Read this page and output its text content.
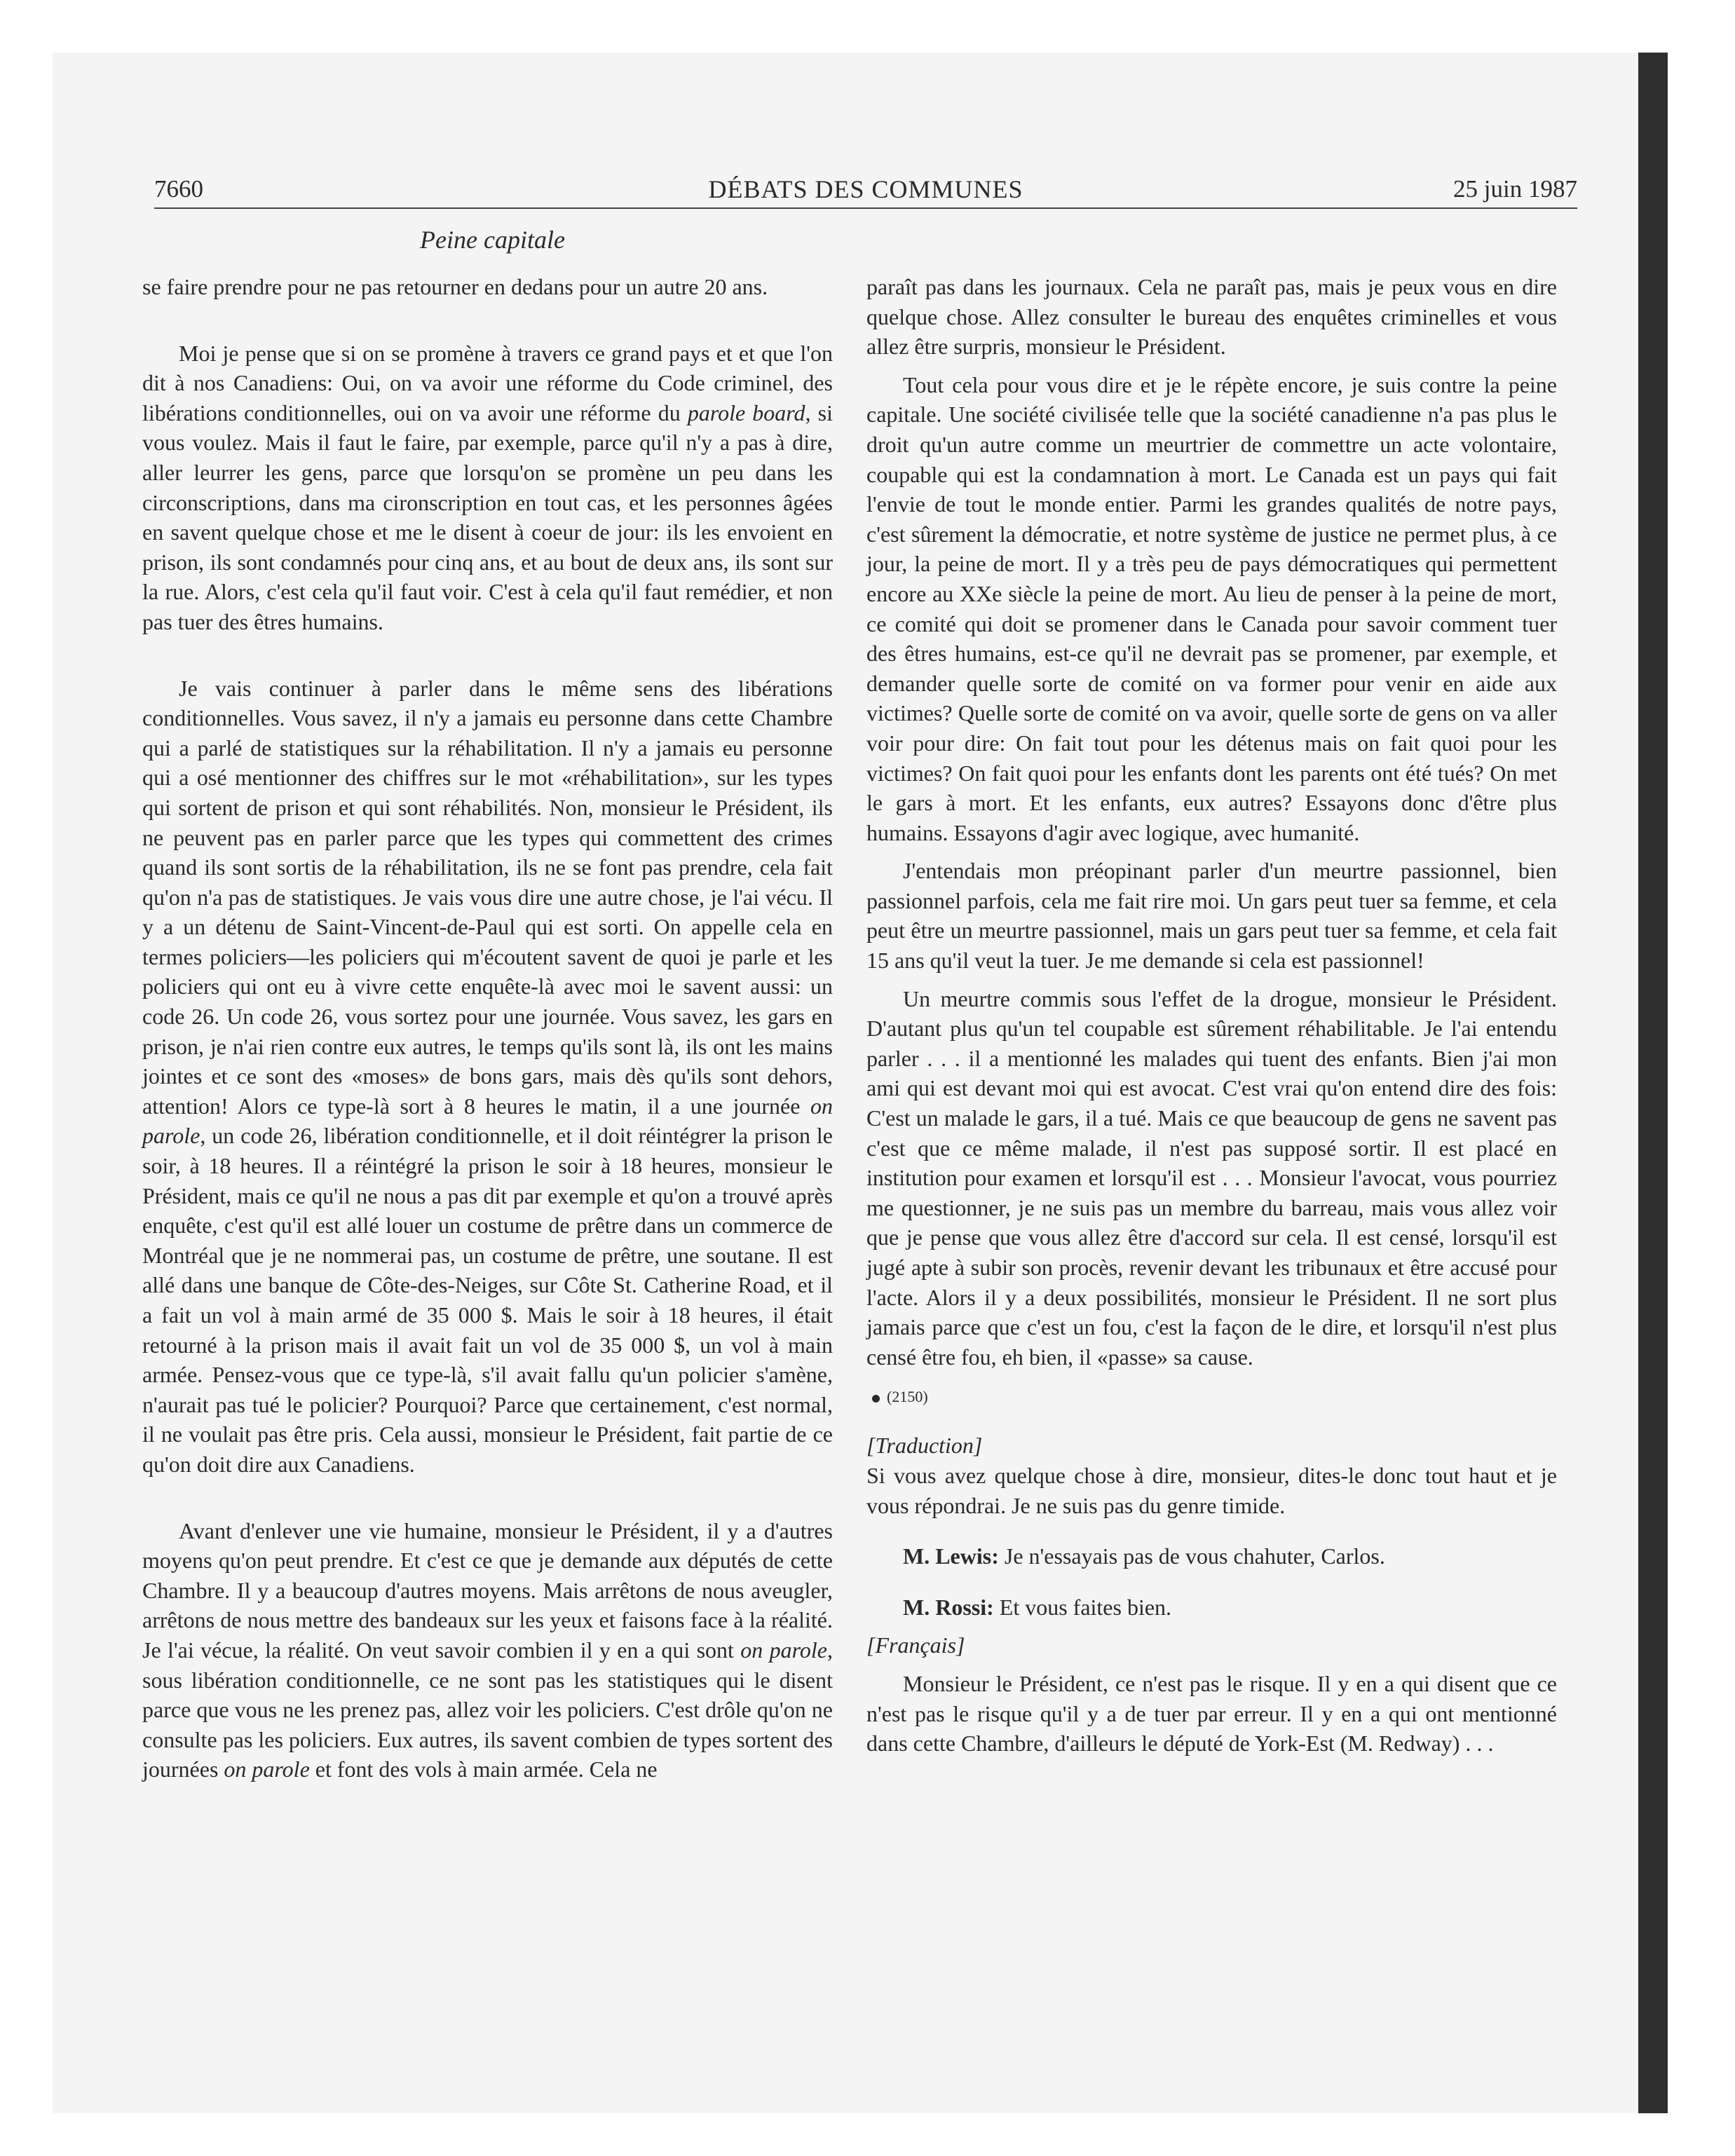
7660	DÉBATS DES COMMUNES	25 juin 1987
Peine capitale

se faire prendre pour ne pas retourner en dedans pour un autre 20 ans.

Moi je pense que si on se promène à travers ce grand pays et et que l'on dit à nos Canadiens: Oui, on va avoir une réforme du Code criminel, des libérations conditionnelles, oui on va avoir une réforme du parole board, si vous voulez. Mais il faut le faire, par exemple, parce qu'il n'y a pas à dire, aller leurrer les gens, parce que lorsqu'on se promène un peu dans les circonscriptions, dans ma cironscription en tout cas, et les personnes âgées en savent quelque chose et me le disent à coeur de jour: ils les envoient en prison, ils sont condamnés pour cinq ans, et au bout de deux ans, ils sont sur la rue. Alors, c'est cela qu'il faut voir. C'est à cela qu'il faut remédier, et non pas tuer des êtres humains.

Je vais continuer à parler dans le même sens des libérations conditionnelles. Vous savez, il n'y a jamais eu personne dans cette Chambre qui a parlé de statistiques sur la réhabilitation. Il n'y a jamais eu personne qui a osé mentionner des chiffres sur le mot «réhabilitation», sur les types qui sortent de prison et qui sont réhabilités. Non, monsieur le Président, ils ne peuvent pas en parler parce que les types qui commettent des crimes quand ils sont sortis de la réhabilitation, ils ne se font pas prendre, cela fait qu'on n'a pas de statistiques. Je vais vous dire une autre chose, je l'ai vécu. Il y a un détenu de Saint-Vincent-de-Paul qui est sorti. On appelle cela en termes policiers—les policiers qui m'écoutent savent de quoi je parle et les policiers qui ont eu à vivre cette enquête-là avec moi le savent aussi: un code 26. Un code 26, vous sortez pour une journée. Vous savez, les gars en prison, je n'ai rien contre eux autres, le temps qu'ils sont là, ils ont les mains jointes et ce sont des «moses» de bons gars, mais dès qu'ils sont dehors, attention! Alors ce type-là sort à 8 heures le matin, il a une journée on parole, un code 26, libération conditionnelle, et il doit réintégrer la prison le soir, à 18 heures. Il a réintégré la prison le soir à 18 heures, monsieur le Président, mais ce qu'il ne nous a pas dit par exemple et qu'on a trouvé après enquête, c'est qu'il est allé louer un costume de prêtre dans un commerce de Montréal que je ne nommerai pas, un costume de prêtre, une soutane. Il est allé dans une banque de Côte-des-Neiges, sur Côte St. Catherine Road, et il a fait un vol à main armé de 35 000 $. Mais le soir à 18 heures, il était retourné à la prison mais il avait fait un vol de 35 000 $, un vol à main armée. Pensez-vous que ce type-là, s'il avait fallu qu'un policier s'amène, n'aurait pas tué le policier? Pourquoi? Parce que certainement, c'est normal, il ne voulait pas être pris. Cela aussi, monsieur le Président, fait partie de ce qu'on doit dire aux Canadiens.

Avant d'enlever une vie humaine, monsieur le Président, il y a d'autres moyens qu'on peut prendre. Et c'est ce que je demande aux députés de cette Chambre. Il y a beaucoup d'autres moyens. Mais arrêtons de nous aveugler, arrêtons de nous mettre des bandeaux sur les yeux et faisons face à la réalité. Je l'ai vécue, la réalité. On veut savoir combien il y en a qui sont on parole, sous libération conditionnelle, ce ne sont pas les statistiques qui le disent parce que vous ne les prenez pas, allez voir les policiers. C'est drôle qu'on ne consulte pas les policiers. Eux autres, ils savent combien de types sortent des journées on parole et font des vols à main armée. Cela ne

paraît pas dans les journaux. Cela ne paraît pas, mais je peux vous en dire quelque chose. Allez consulter le bureau des enquêtes criminelles et vous allez être surpris, monsieur le Président.

Tout cela pour vous dire et je le répète encore, je suis contre la peine capitale. Une société civilisée telle que la société canadienne n'a pas plus le droit qu'un autre comme un meurtrier de commettre un acte volontaire, coupable qui est la condamnation à mort. Le Canada est un pays qui fait l'envie de tout le monde entier. Parmi les grandes qualités de notre pays, c'est sûrement la démocratie, et notre système de justice ne permet plus, à ce jour, la peine de mort. Il y a très peu de pays démocratiques qui permettent encore au XXe siècle la peine de mort. Au lieu de penser à la peine de mort, ce comité qui doit se promener dans le Canada pour savoir comment tuer des êtres humains, est-ce qu'il ne devrait pas se promener, par exemple, et demander quelle sorte de comité on va former pour venir en aide aux victimes? Quelle sorte de comité on va avoir, quelle sorte de gens on va aller voir pour dire: On fait tout pour les détenus mais on fait quoi pour les victimes? On fait quoi pour les enfants dont les parents ont été tués? On met le gars à mort. Et les enfants, eux autres? Essayons donc d'être plus humains. Essayons d'agir avec logique, avec humanité.

J'entendais mon préopinant parler d'un meurtre passionnel, bien passionnel parfois, cela me fait rire moi. Un gars peut tuer sa femme, et cela peut être un meurtre passionnel, mais un gars peut tuer sa femme, et cela fait 15 ans qu'il veut la tuer. Je me demande si cela est passionnel!

Un meurtre commis sous l'effet de la drogue, monsieur le Président. D'autant plus qu'un tel coupable est sûrement réhabilitable. Je l'ai entendu parler . . . il a mentionné les malades qui tuent des enfants. Bien j'ai mon ami qui est devant moi qui est avocat. C'est vrai qu'on entend dire des fois: C'est un malade le gars, il a tué. Mais ce que beaucoup de gens ne savent pas c'est que ce même malade, il n'est pas supposé sortir. Il est placé en institution pour examen et lorsqu'il est . . . Monsieur l'avocat, vous pourriez me questionner, je ne suis pas un membre du barreau, mais vous allez voir que je pense que vous allez être d'accord sur cela. Il est censé, lorsqu'il est jugé apte à subir son procès, revenir devant les tribunaux et être accusé pour l'acte. Alors il y a deux possibilités, monsieur le Président. Il ne sort plus jamais parce que c'est un fou, c'est la façon de le dire, et lorsqu'il n'est plus censé être fou, eh bien, il «passe» sa cause.

(2150)

[Traduction]

Si vous avez quelque chose à dire, monsieur, dites-le donc tout haut et je vous répondrai. Je ne suis pas du genre timide.

M. Lewis: Je n'essayais pas de vous chahuter, Carlos.

M. Rossi: Et vous faites bien.

[Français]

Monsieur le Président, ce n'est pas le risque. Il y en a qui disent que ce n'est pas le risque qu'il y a de tuer par erreur. Il y en a qui ont mentionné dans cette Chambre, d'ailleurs le député de York-Est (M. Redway) . . .
